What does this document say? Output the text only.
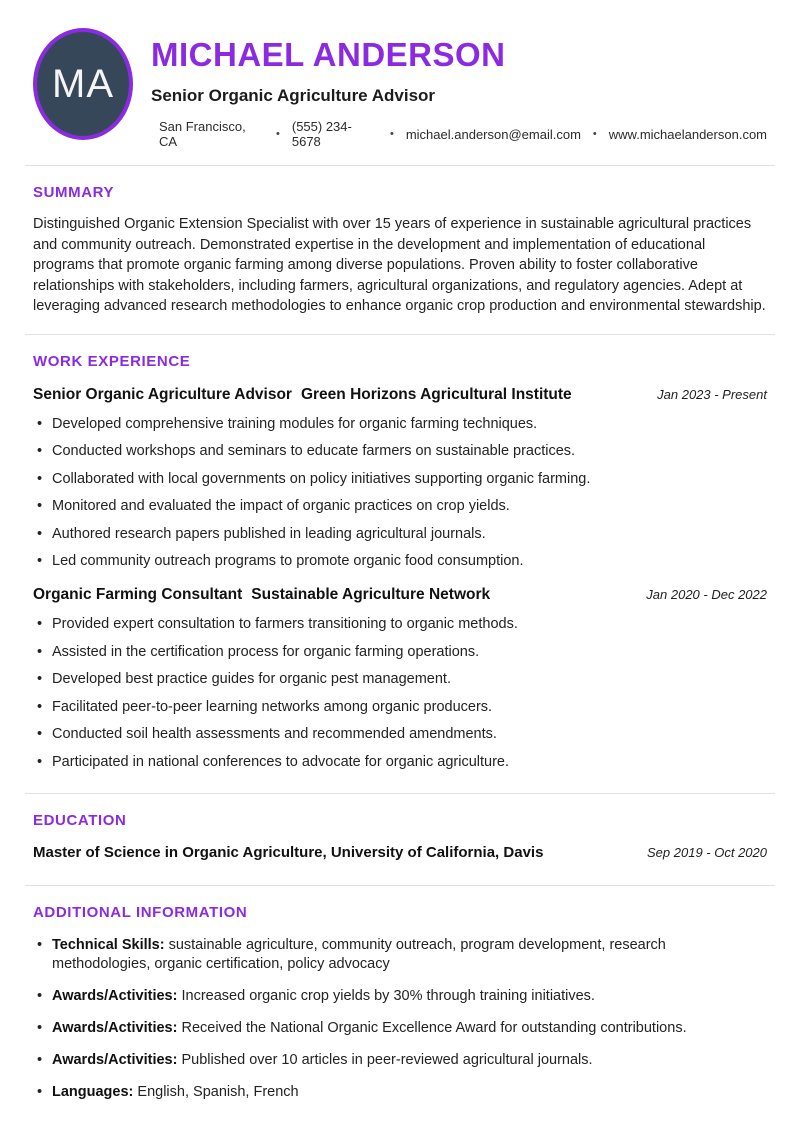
MA
MICHAEL ANDERSON
Senior Organic Agriculture Advisor
San Francisco, CA	• (555) 234-5678	• michael.anderson@email.com • www.michaelanderson.com
SUMMARY

Distinguished Organic Extension Specialist with over 15 years of experience in sustainable agricultural practices and community outreach. Demonstrated expertise in the development and implementation of educational programs that promote organic farming among diverse populations. Proven ability to foster collaborative relationships with stakeholders, including farmers, agricultural organizations, and regulatory agencies. Adept at leveraging advanced research methodologies to enhance organic crop production and environmental stewardship.

WORK EXPERIENCE
Senior Organic Agriculture Advisor Green Horizons Agricultural Institute	Jan 2023 - Present
• Developed comprehensive training modules for organic farming techniques.
• Conducted workshops and seminars to educate farmers on sustainable practices.
• Collaborated with local governments on policy initiatives supporting organic farming.
• Monitored and evaluated the impact of organic practices on crop yields.
• Authored research papers published in leading agricultural journals.
• Led community outreach programs to promote organic food consumption.
Organic Farming Consultant Sustainable Agriculture Network	Jan 2020 - Dec 2022
• Provided expert consultation to farmers transitioning to organic methods.
• Assisted in the certification process for organic farming operations.
• Developed best practice guides for organic pest management.
• Facilitated peer-to-peer learning networks among organic producers.
• Conducted soil health assessments and recommended amendments.
• Participated in national conferences to advocate for organic agriculture.
EDUCATION
Master of Science in Organic Agriculture, University of California, Davis	Sep 2019 - Oct 2020
ADDITIONAL INFORMATION
• Technical Skills: sustainable agriculture, community outreach, program development, research methodologies, organic certification, policy advocacy
• Awards/Activities: Increased organic crop yields by 30% through training initiatives.
• Awards/Activities: Received the National Organic Excellence Award for outstanding contributions.
• Awards/Activities: Published over 10 articles in peer-reviewed agricultural journals.
• Languages: English, Spanish, French
